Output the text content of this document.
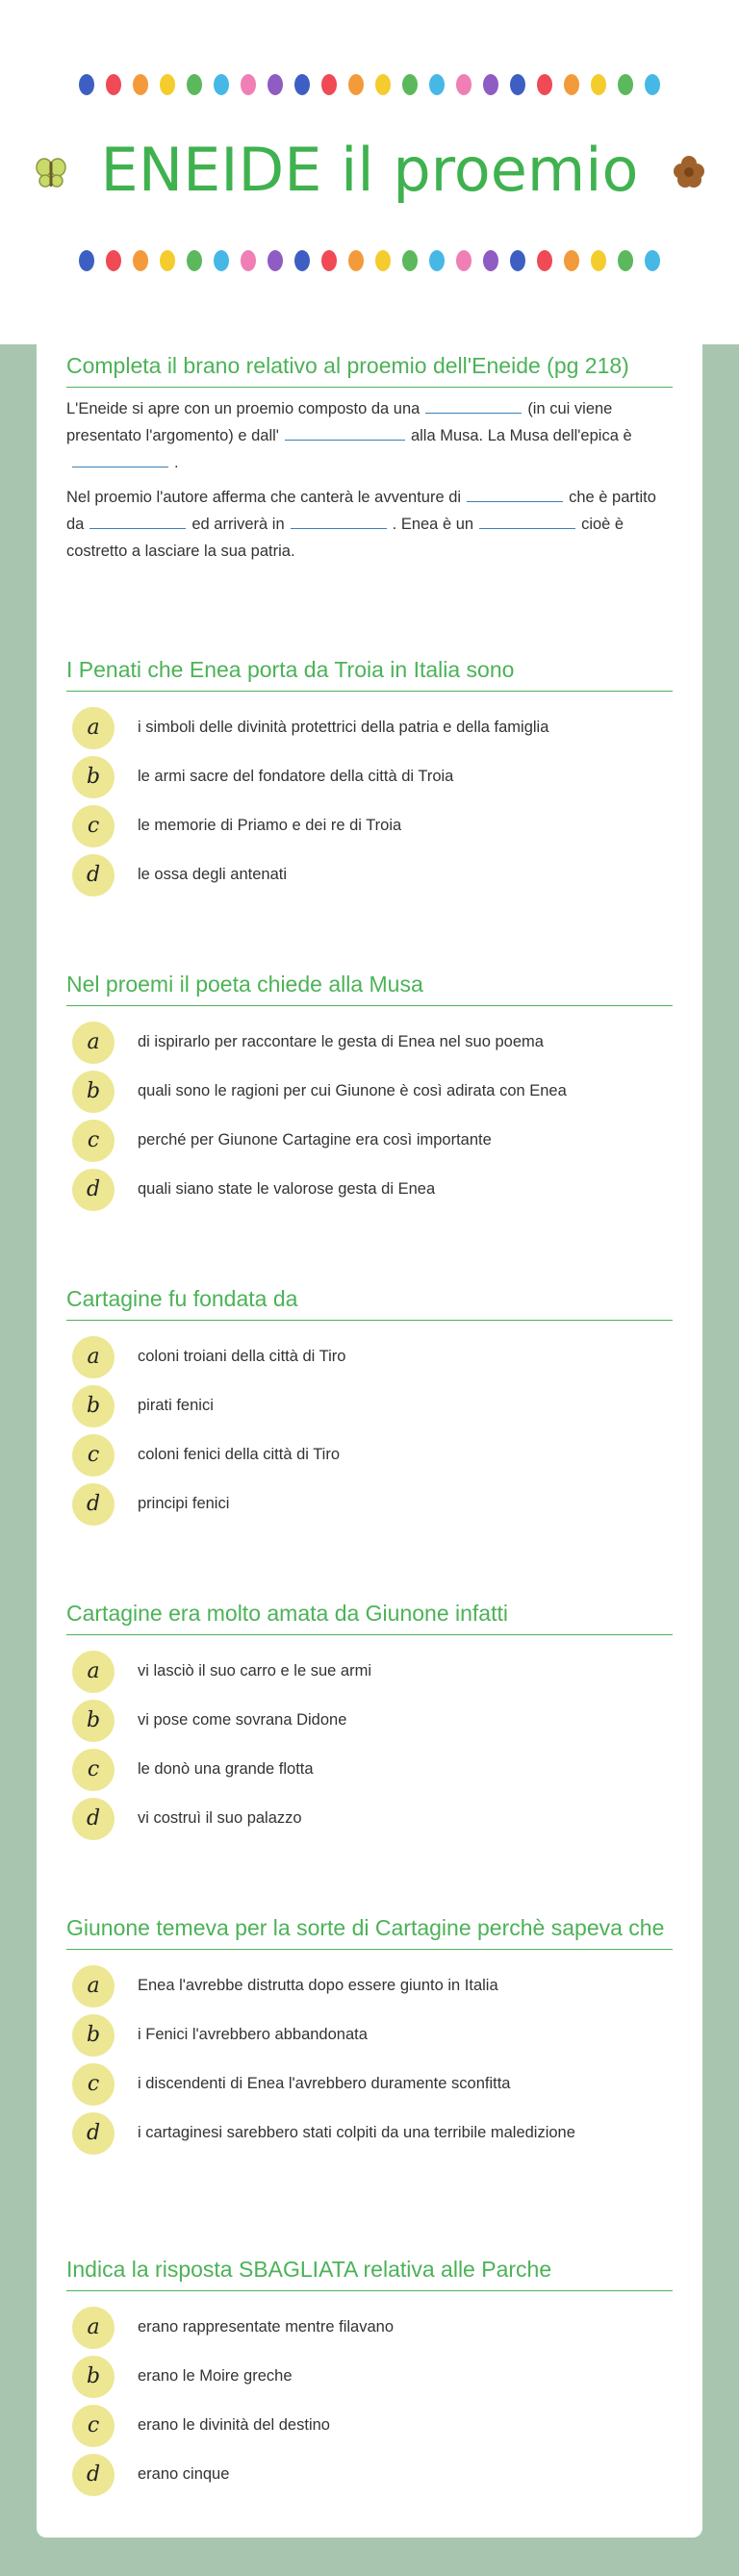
ENEIDE il proemio
Completa il brano relativo al proemio dell'Eneide (pg 218)

L'Eneide si apre con un proemio composto da una	(in cui viene presentato l'argomento) e dall'	alla Musa. La Musa dell'epica è.

Nel proemio l'autore afferma che canterà le avventure di	che è partito da	ed arriverà in	. Enea è un	cioè è costretto a lasciare la sua patria.

I Penati che Enea porta da Troia in Italia sono
a	i simboli delle divinità protettrici della patria e della famiglia
b	le armi sacre del fondatore della città di Troia
c	le memorie di Priamo e dei re di Troia
d	le ossa degli antenati
Nel proemi il poeta chiede alla Musa
a	di ispirarlo per raccontare le gesta di Enea nel suo poema
b	quali sono le ragioni per cui Giunone è così adirata con Enea
c	perché per Giunone Cartagine era così importante
d	quali siano state le valorose gesta di Enea
Cartagine fu fondata da
a	coloni troiani della città di Tiro
b	pirati fenici
c	coloni fenici della città di Tiro
d	principi fenici
Cartagine era molto amata da Giunone infatti
a	vi lasciò il suo carro e le sue armi
b	vi pose come sovrana Didone
c	le donò una grande flotta
d	vi costruì il suo palazzo
Giunone temeva per la sorte di Cartagine perchè sapeva che
a	Enea l'avrebbe distrutta dopo essere giunto in Italia
b	i Fenici l'avrebbero abbandonata
c	i discendenti di Enea l'avrebbero duramente sconfitta
d	i cartaginesi sarebbero stati colpiti da una terribile maledizione
Indica la risposta SBAGLIATA relativa alle Parche
a	erano rappresentate mentre filavano
b	erano le Moire greche
c	erano le divinità del destino
d	erano cinque
